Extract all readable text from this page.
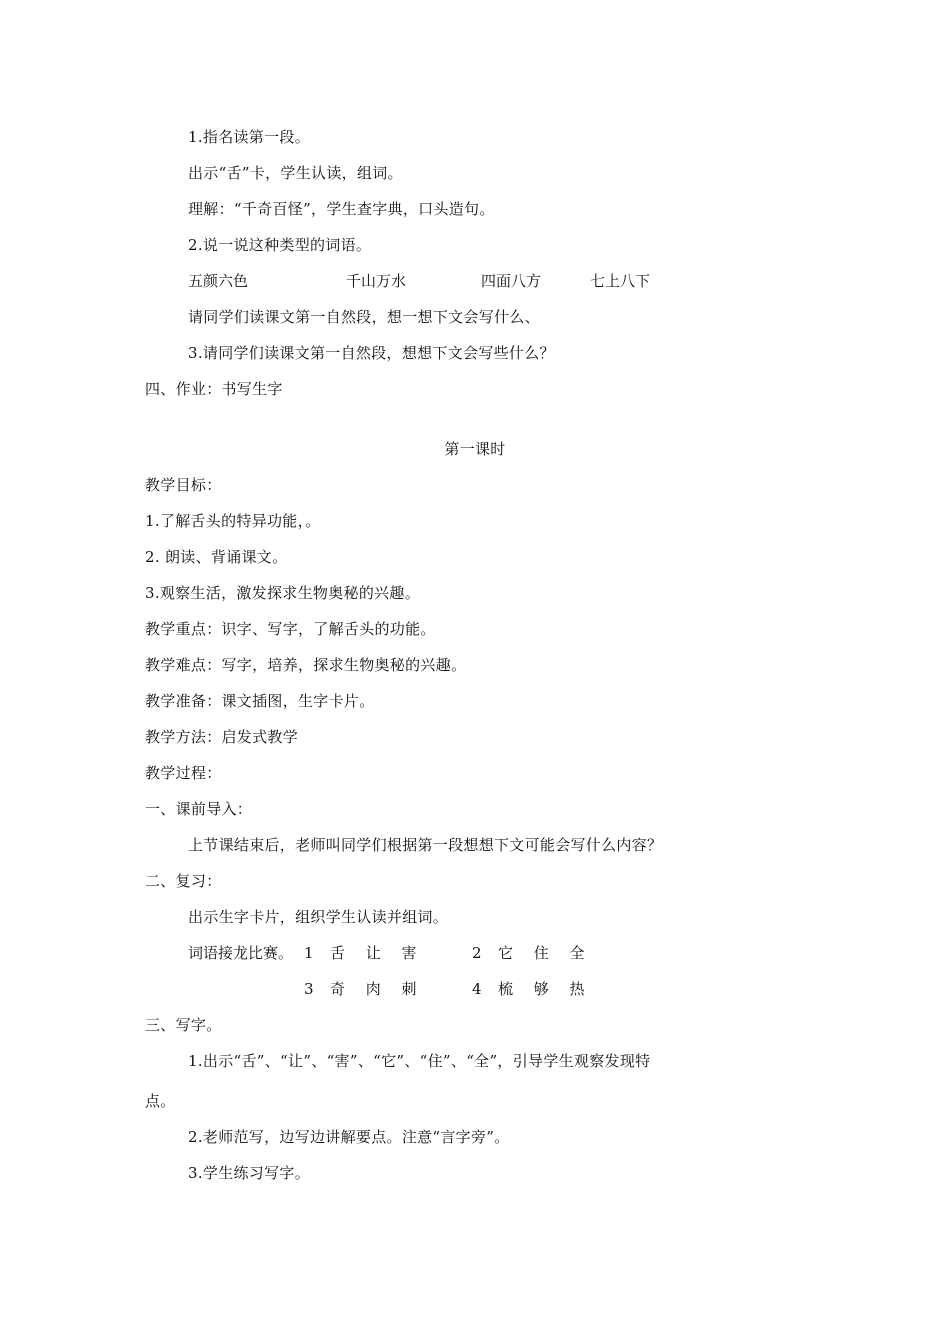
1.指名读第一段。
出示“舌”卡，学生认读，组词。
理解：“千奇百怪”，学生查字典，口头造句。
2.说一说这种类型的词语。
五颜六色	千山万水	四面八方	七上八下
请同学们读课文第一自然段，想一想下文会写什么、
3.请同学们读课文第一自然段，想想下文会写些什么？
四、作业：书写生字
第一课时
教学目标：
1.了解舌头的特异功能，。
2. 朗读、背诵课文。
3.观察生活，激发探求生物奥秘的兴趣。
教学重点：识字、写字，了解舌头的功能。
教学难点：写字，培养，探求生物奥秘的兴趣。
教学准备：课文插图，生字卡片。
教学方法：启发式教学
教学过程：
一、课前导入：
上节课结束后，老师叫同学们根据第一段想想下文可能会写什么内容？
二、复习：
出示生字卡片，组织学生认读并组词。
词语接龙比赛。 1 舌 让 害	2 它 住 全
3 奇 肉 刺	4 梳 够 热
三、写字。
1.出示“舌”、“让”、“害”、“它”、“住”、“全”，引导学生观察发现特
点。
2.老师范写，边写边讲解要点。注意“言字旁”。
3.学生练习写字。
